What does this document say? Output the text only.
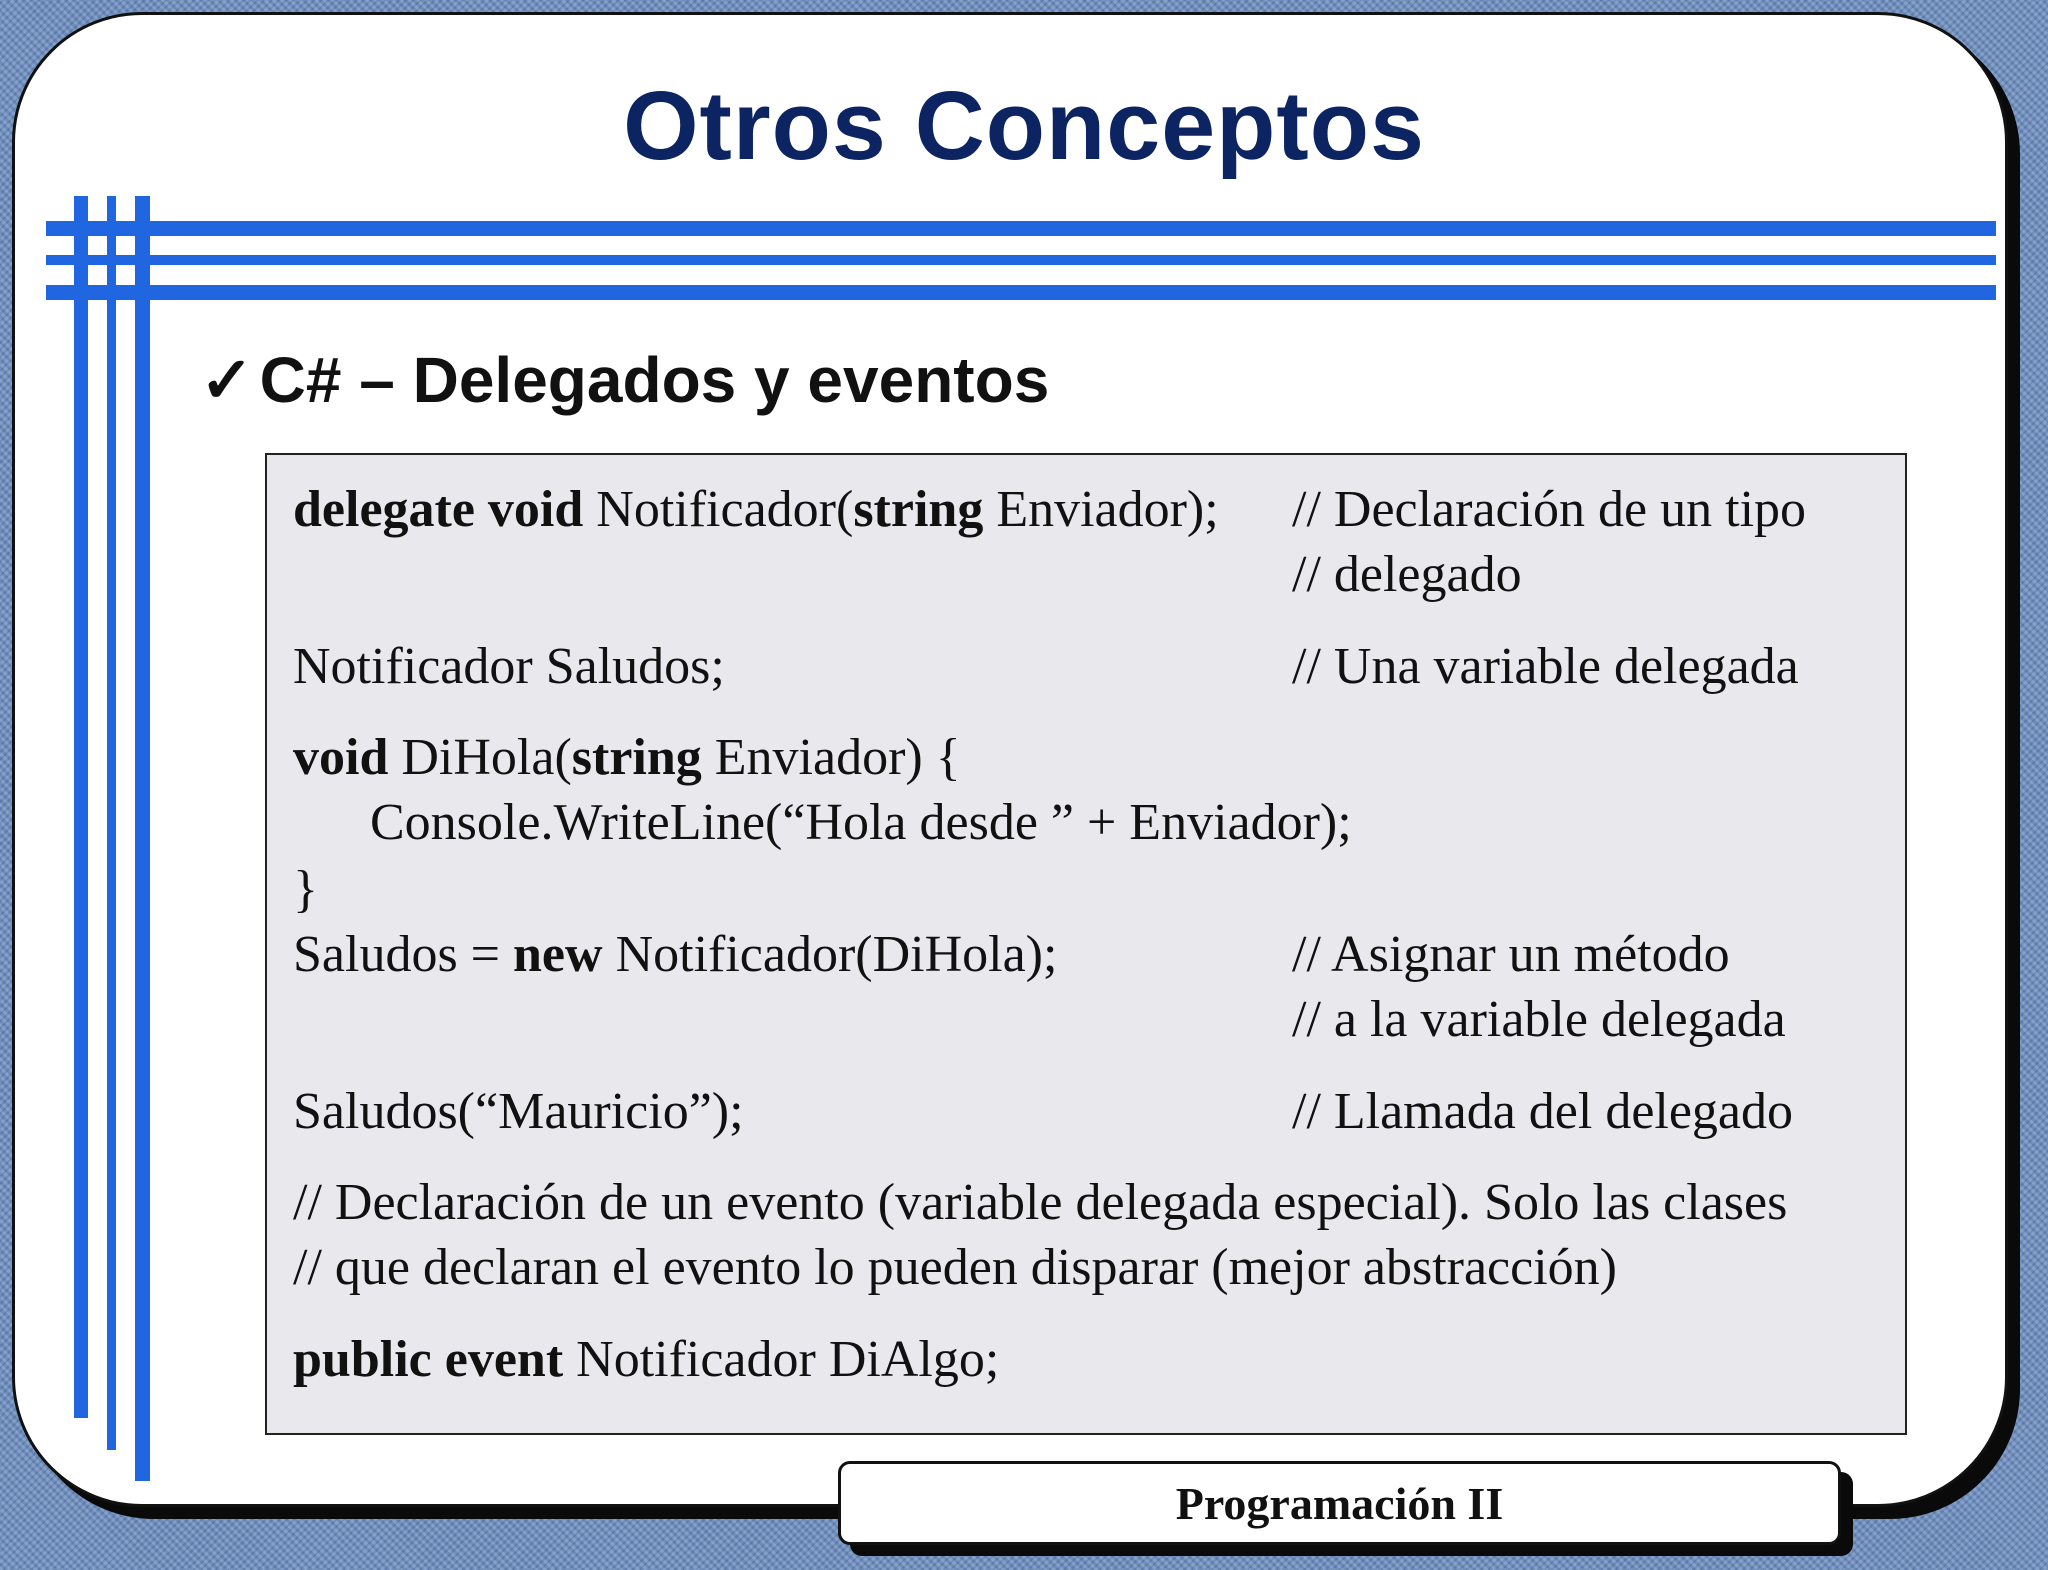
Otros Conceptos
✓C# – Delegados y eventos
delegate void Notificador(string Enviador); // Declaración de un tipo
// delegado
Notificador Saludos;	// Una variable delegada
void DiHola(string Enviador) {
Console.WriteLine(“Hola desde ” + Enviador);
}
Saludos = new Notificador(DiHola);	// Asignar un método
// a la variable delegada
Saludos(“Mauricio”);	// Llamada del delegado
// Declaración de un evento (variable delegada especial). Solo las clases
// que declaran el evento lo pueden disparar (mejor abstracción)
public event Notificador DiAlgo;
Programación II
